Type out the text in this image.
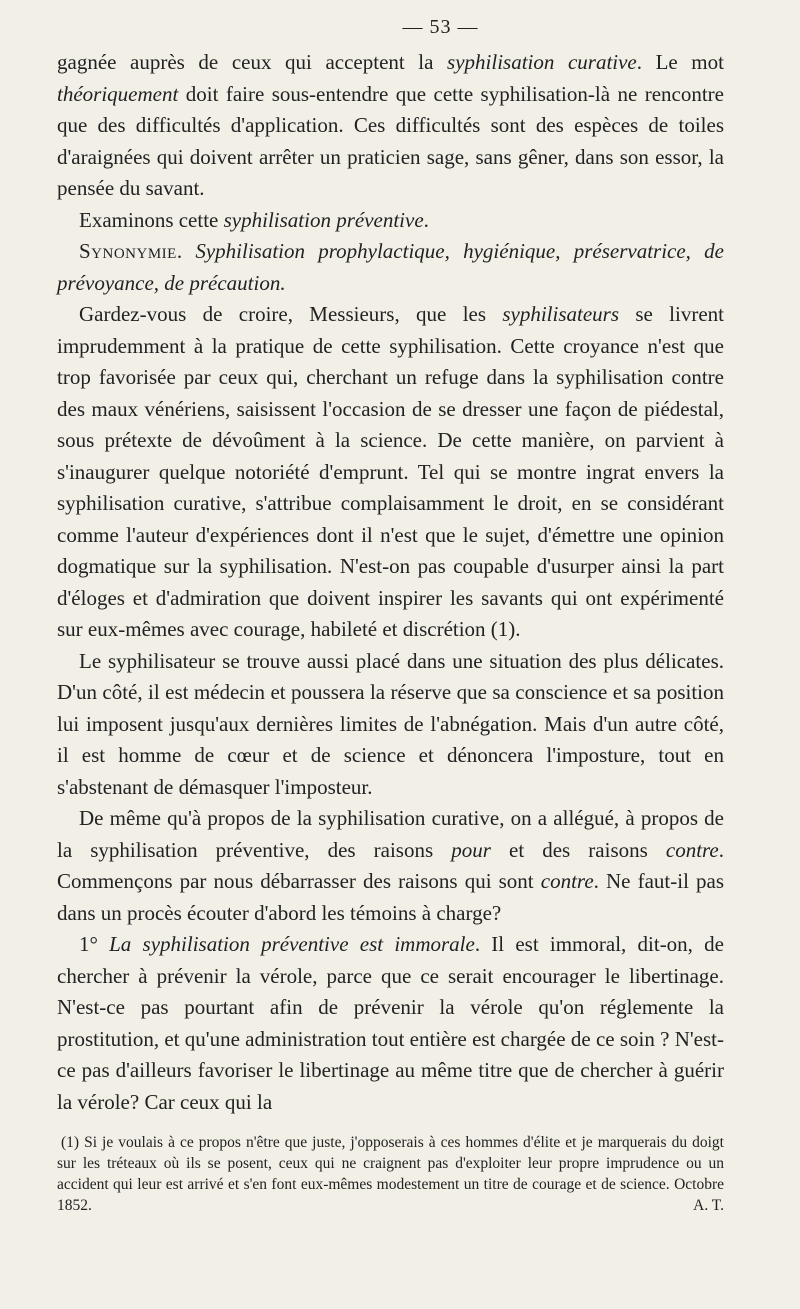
— 53 —

gagnée auprès de ceux qui acceptent la syphilisation curative. Le mot théoriquement doit faire sous-entendre que cette syphilisation-là ne rencontre que des difficultés d'application. Ces difficultés sont des espèces de toiles d'araignées qui doivent arrêter un praticien sage, sans gêner, dans son essor, la pensée du savant.

Examinons cette syphilisation préventive.

Synonymie. Syphilisation prophylactique, hygiénique, préservatrice, de prévoyance, de précaution.

Gardez-vous de croire, Messieurs, que les syphilisateurs se livrent imprudemment à la pratique de cette syphilisation. Cette croyance n'est que trop favorisée par ceux qui, cherchant un refuge dans la syphilisation contre des maux vénériens, saisissent l'occasion de se dresser une façon de piédestal, sous prétexte de dévoûment à la science. De cette manière, on parvient à s'inaugurer quelque notoriété d'emprunt. Tel qui se montre ingrat envers la syphilisation curative, s'attribue complaisamment le droit, en se considérant comme l'auteur d'expériences dont il n'est que le sujet, d'émettre une opinion dogmatique sur la syphilisation. N'est-on pas coupable d'usurper ainsi la part d'éloges et d'admiration que doivent inspirer les savants qui ont expérimenté sur eux-mêmes avec courage, habileté et discrétion (1).

Le syphilisateur se trouve aussi placé dans une situation des plus délicates. D'un côté, il est médecin et poussera la réserve que sa conscience et sa position lui imposent jusqu'aux dernières limites de l'abnégation. Mais d'un autre côté, il est homme de cœur et de science et dénoncera l'imposture, tout en s'abstenant de démasquer l'imposteur.

De même qu'à propos de la syphilisation curative, on a allégué, à propos de la syphilisation préventive, des raisons pour et des raisons contre. Commençons par nous débarrasser des raisons qui sont contre. Ne faut-il pas dans un procès écouter d'abord les témoins à charge?

1° La syphilisation préventive est immorale. Il est immoral, dit-on, de chercher à prévenir la vérole, parce que ce serait encourager le libertinage. N'est-ce pas pourtant afin de prévenir la vérole qu'on réglemente la prostitution, et qu'une administration tout entière est chargée de ce soin ? N'est-ce pas d'ailleurs favoriser le libertinage au même titre que de chercher à guérir la vérole? Car ceux qui la

(1) Si je voulais à ce propos n'être que juste, j'opposerais à ces hommes d'élite et je marquerais du doigt sur les tréteaux où ils se posent, ceux qui ne craignent pas d'exploiter leur propre imprudence ou un accident qui leur est arrivé et s'en font eux-mêmes modestement un titre de courage et de science. Octobre 1852.	A. T.
